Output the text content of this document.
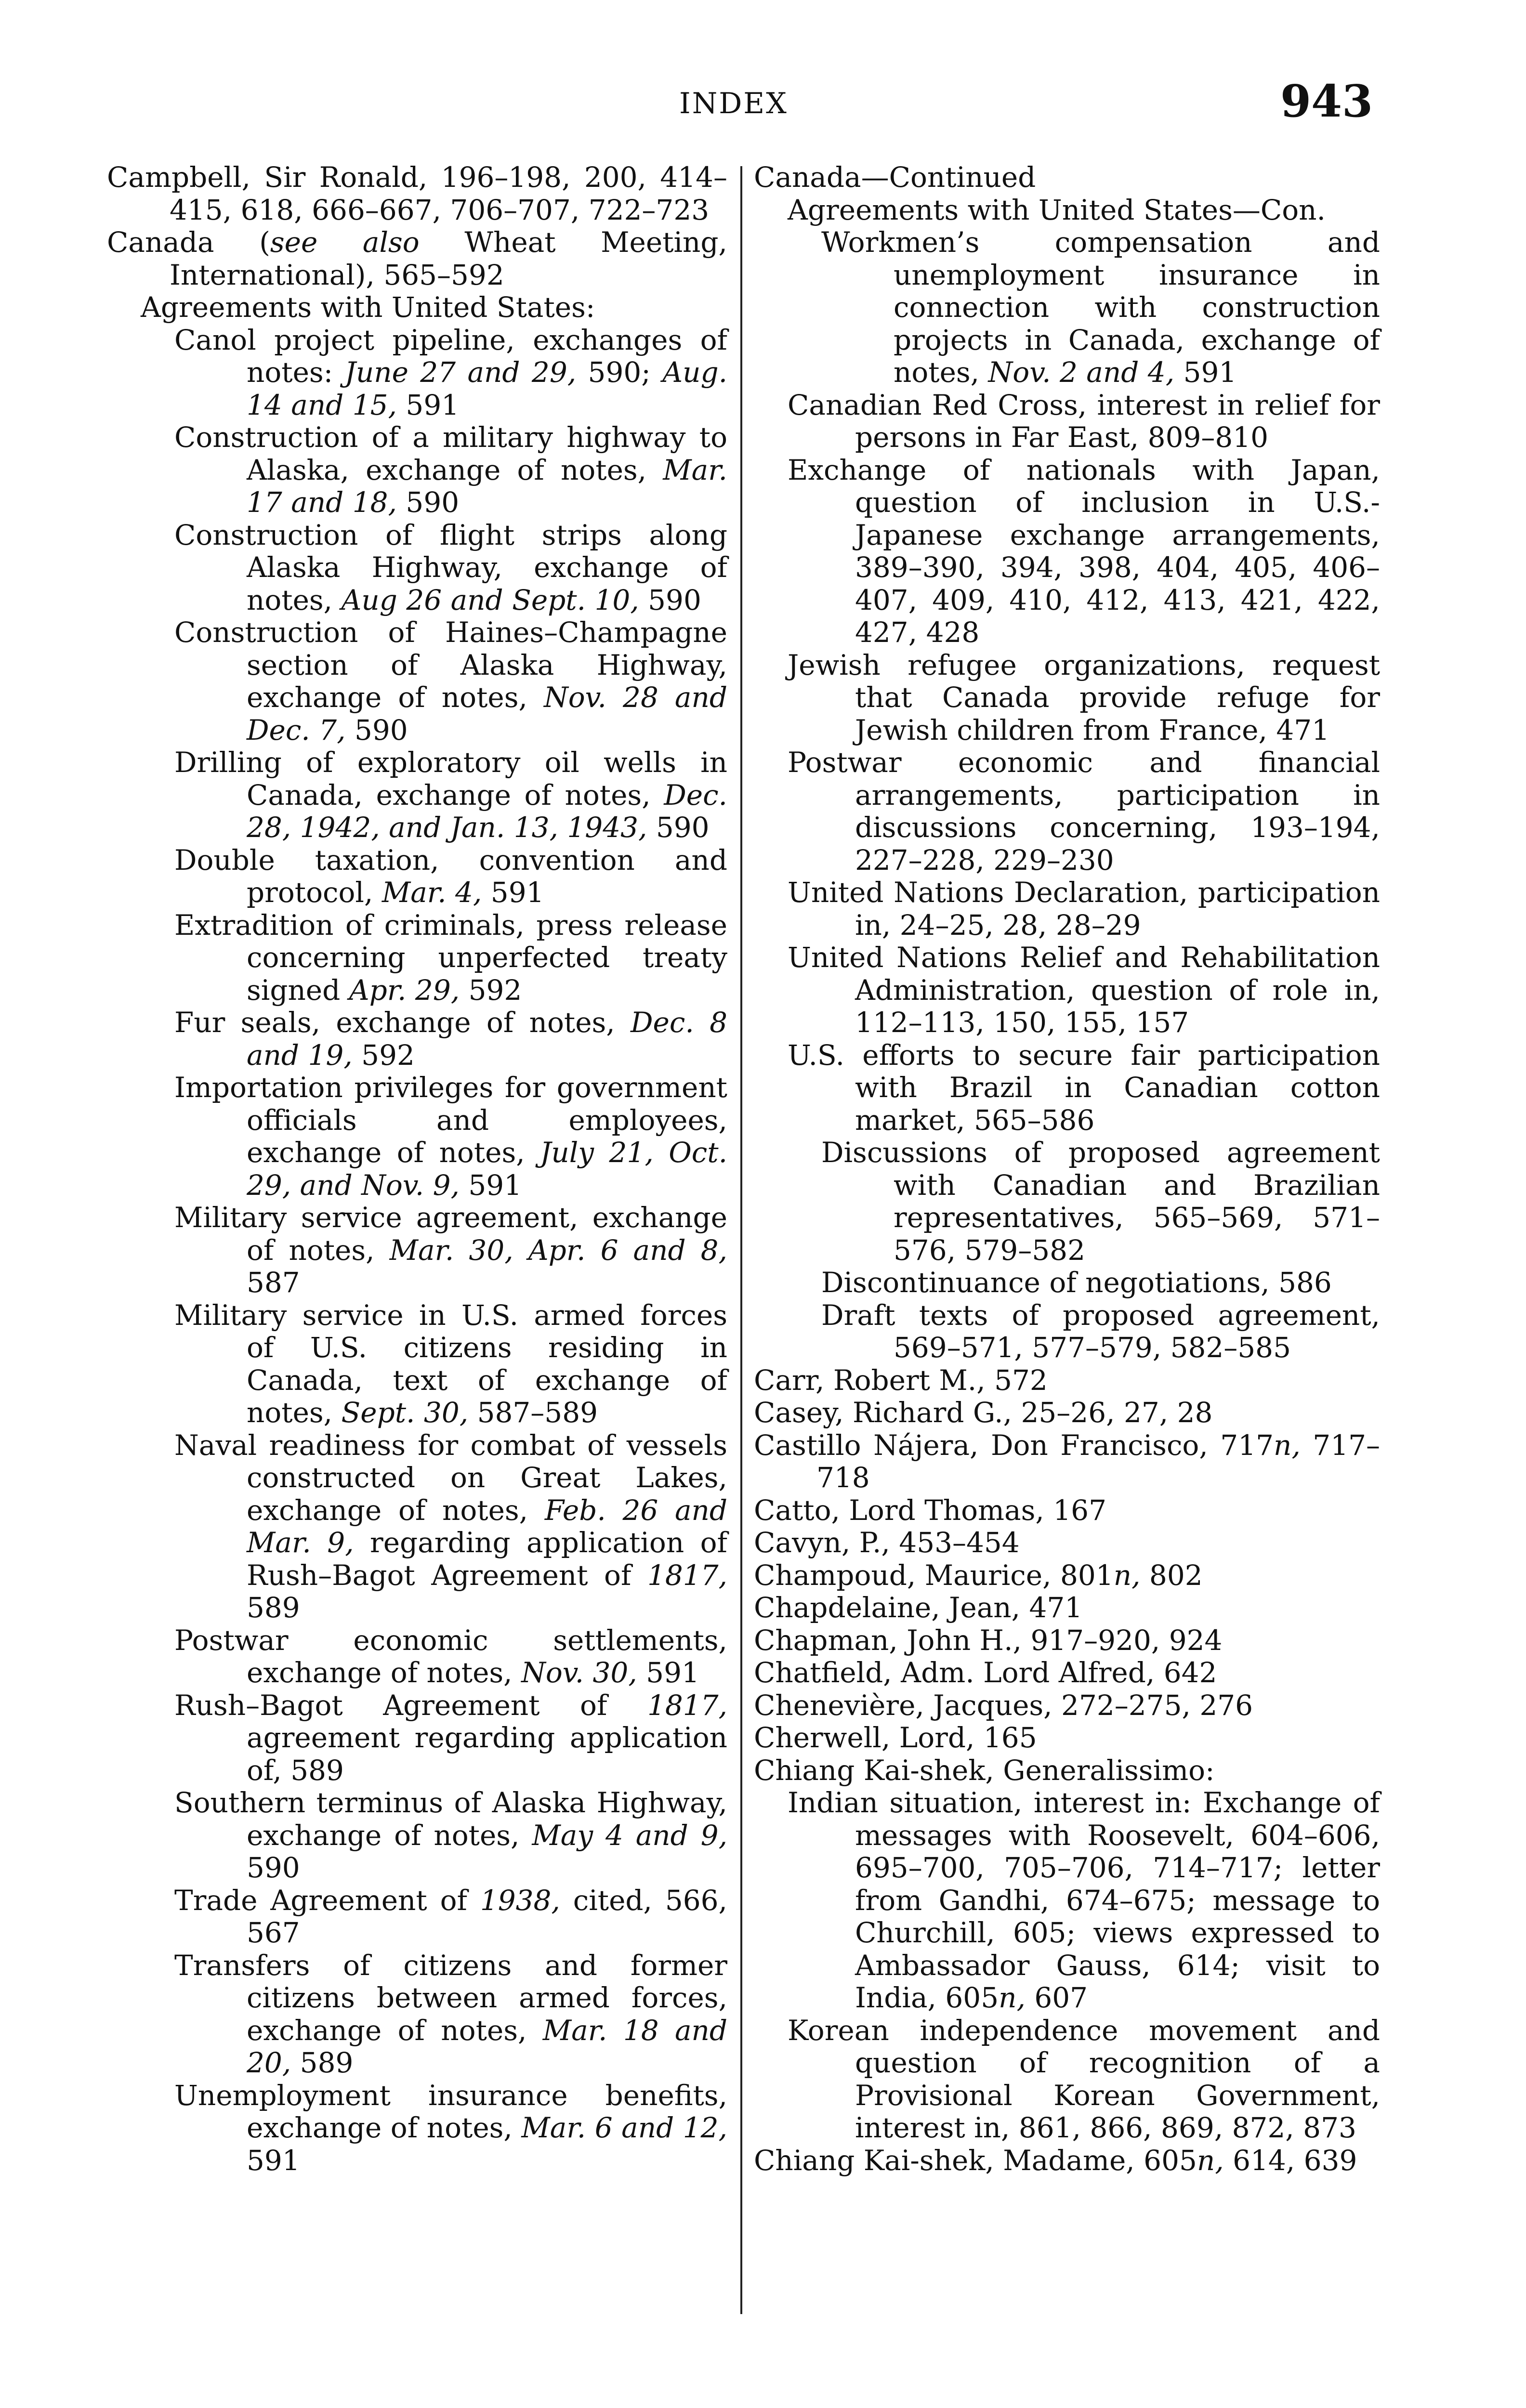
INDEX	943
Campbell, Sir Ronald, 196–198, 200, 414–415, 618, 666–667, 706–707, 722–723
Canada (see also Wheat Meeting, International), 565–592
Agreements with United States:
Canol project pipeline, exchanges of notes: June 27 and 29, 590; Aug. 14 and 15, 591
Construction of a military highway to Alaska, exchange of notes, Mar. 17 and 18, 590
Construction of flight strips along Alaska Highway, exchange of notes, Aug 26 and Sept. 10, 590
Construction of Haines–Champagne section of Alaska Highway, exchange of notes, Nov. 28 and Dec. 7, 590
Drilling of exploratory oil wells in Canada, exchange of notes, Dec. 28, 1942, and Jan. 13, 1943, 590
Double taxation, convention and protocol, Mar. 4, 591
Extradition of criminals, press release concerning unperfected treaty signed Apr. 29, 592
Fur seals, exchange of notes, Dec. 8 and 19, 592
Importation privileges for government officials and employees, exchange of notes, July 21, Oct. 29, and Nov. 9, 591
Military service agreement, exchange of notes, Mar. 30, Apr. 6 and 8, 587
Military service in U.S. armed forces of U.S. citizens residing in Canada, text of exchange of notes, Sept. 30, 587–589
Naval readiness for combat of vessels constructed on Great Lakes, exchange of notes, Feb. 26 and Mar. 9, regarding application of Rush–Bagot Agreement of 1817, 589
Postwar economic settlements, exchange of notes, Nov. 30, 591
Rush–Bagot Agreement of 1817, agreement regarding application of, 589
Southern terminus of Alaska Highway, exchange of notes, May 4 and 9, 590
Trade Agreement of 1938, cited, 566, 567
Transfers of citizens and former citizens between armed forces, exchange of notes, Mar. 18 and 20, 589
Unemployment insurance benefits, exchange of notes, Mar. 6 and 12, 591
Canada—Continued
Agreements with United States—Con.
Workmen’s compensation and unemployment insurance in connection with construction projects in Canada, exchange of notes, Nov. 2 and 4, 591
Canadian Red Cross, interest in relief for persons in Far East, 809–810
Exchange of nationals with Japan, question of inclusion in U.S.-Japanese exchange arrangements, 389–390, 394, 398, 404, 405, 406–407, 409, 410, 412, 413, 421, 422, 427, 428
Jewish refugee organizations, request that Canada provide refuge for Jewish children from France, 471
Postwar economic and financial arrangements, participation in discussions concerning, 193–194, 227–228, 229–230
United Nations Declaration, participation in, 24–25, 28, 28–29
United Nations Relief and Rehabilitation Administration, question of role in, 112–113, 150, 155, 157
U.S. efforts to secure fair participation with Brazil in Canadian cotton market, 565–586
Discussions of proposed agreement with Canadian and Brazilian representatives, 565–569, 571–576, 579–582
Discontinuance of negotiations, 586
Draft texts of proposed agreement, 569–571, 577–579, 582–585
Carr, Robert M., 572
Casey, Richard G., 25–26, 27, 28
Castillo Nájera, Don Francisco, 717n, 717–718
Catto, Lord Thomas, 167
Cavyn, P., 453–454
Champoud, Maurice, 801n, 802
Chapdelaine, Jean, 471
Chapman, John H., 917–920, 924
Chatfield, Adm. Lord Alfred, 642
Chenevière, Jacques, 272–275, 276
Cherwell, Lord, 165
Chiang Kai-shek, Generalissimo:
Indian situation, interest in: Exchange of messages with Roosevelt, 604–606, 695–700, 705–706, 714–717; letter from Gandhi, 674–675; message to Churchill, 605; views expressed to Ambassador Gauss, 614; visit to India, 605n, 607
Korean independence movement and question of recognition of a Provisional Korean Government, interest in, 861, 866, 869, 872, 873
Chiang Kai-shek, Madame, 605n, 614, 639
